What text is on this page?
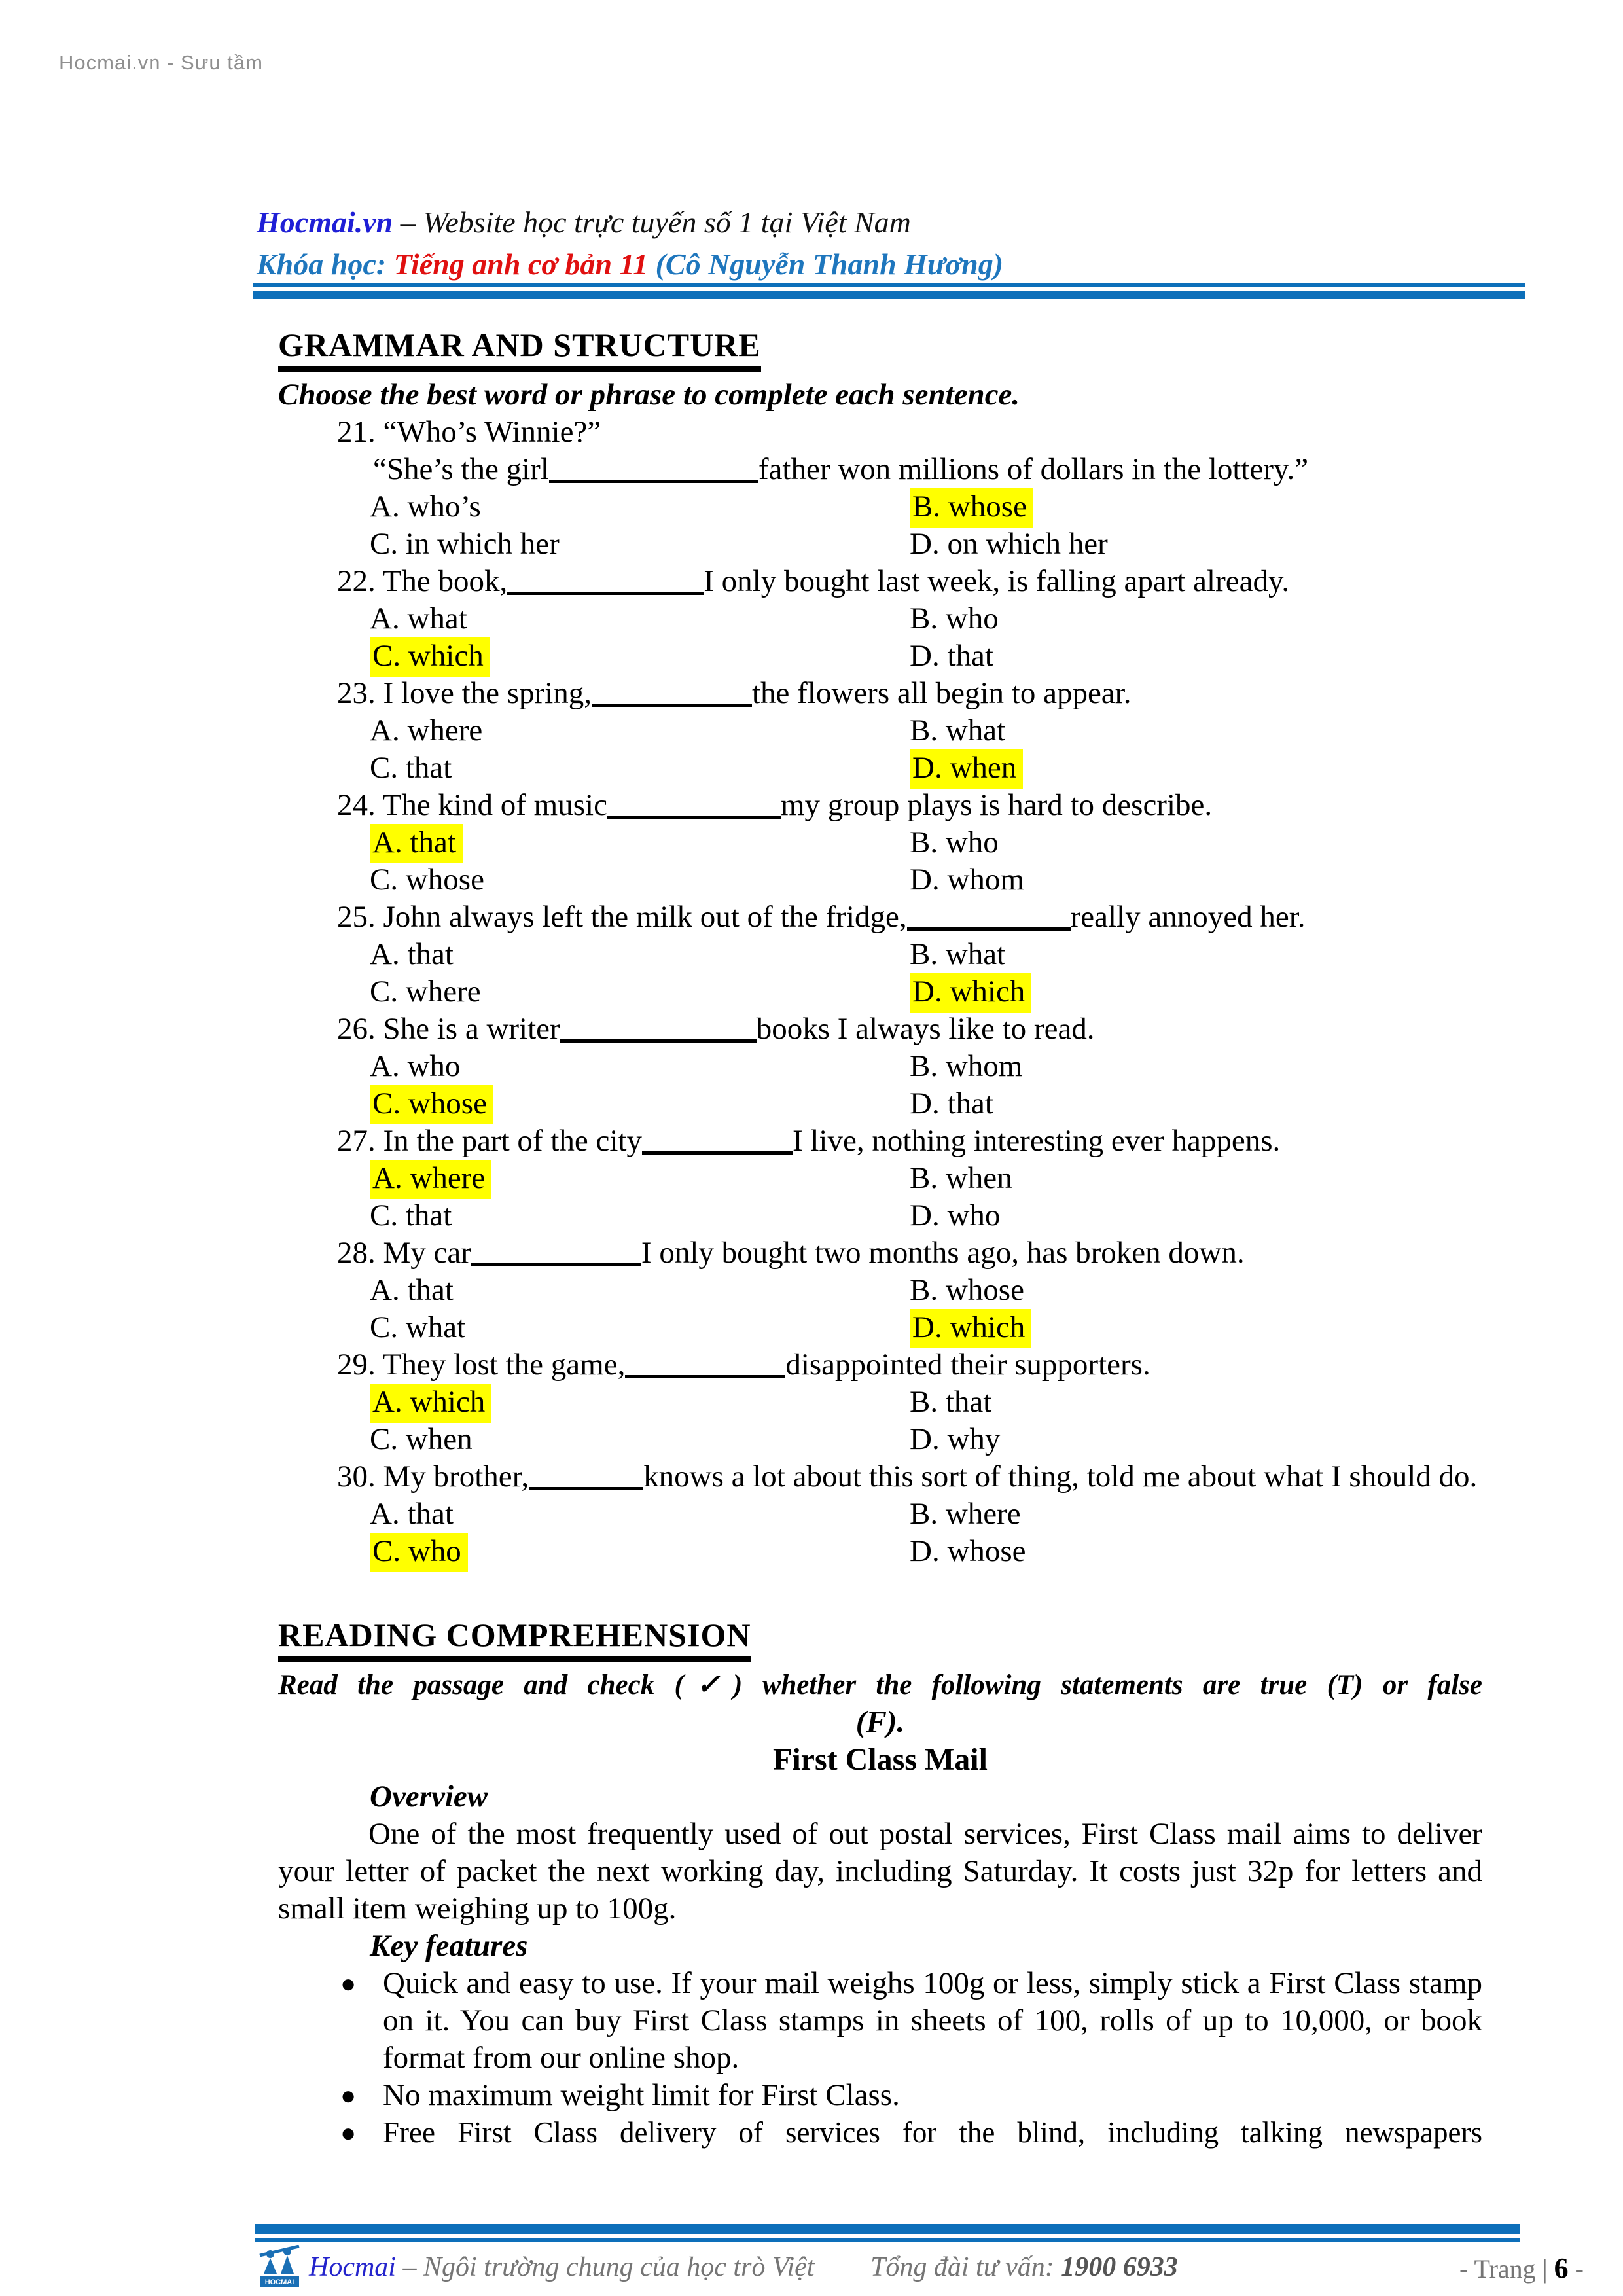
Hocmai.vn - Sưu tầm
Hocmai.vn – Website học trực tuyến số 1 tại Việt Nam
Khóa học: Tiếng anh cơ bản 11 (Cô Nguyễn Thanh Hương)
GRAMMAR AND STRUCTURE
Choose the best word or phrase to complete each sentence.
21. “Who’s Winnie?”
“She’s the girl	father won millions of dollars in the lottery.”
A. who’s	B. whose
C. in which her	D. on which her
22. The book,	I only bought last week, is falling apart already.
A. what	B. who
C. which	D. that
23. I love the spring,	the flowers all begin to appear.
A. where	B. what
C. that	D. when
24. The kind of music	my group plays is hard to describe.
A. that	B. who
C. whose	D. whom
25. John always left the milk out of the fridge,	really annoyed her.
A. that	B. what
C. where	D. which
26. She is a writer	books I always like to read.
A. who	B. whom
C. whose	D. that
27. In the part of the city	I live, nothing interesting ever happens.
A. where	B. when
C. that	D. who
28. My car	I only bought two months ago, has broken down.
A. that	B. whose
C. what	D. which
29. They lost the game,	disappointed their supporters.
A. which	B. that
C. when	D. why
30. My brother,	knows a lot about this sort of thing, told me about what I should do.
A. that	B. where
C. who	D. whose
READING COMPREHENSION
Read the passage and check (✓) whether the following statements are true (T) or false
(F).
First Class Mail
Overview
One of the most frequently used of out postal services, First Class mail aims to deliver your letter of packet the next working day, including Saturday. It costs just 32p for letters and small item weighing up to 100g.
Key features
● Quick and easy to use. If your mail weighs 100g or less, simply stick a First Class stamp on it. You can buy First Class stamps in sheets of 100, rolls of up to 10,000, or book format from our online shop.
● No maximum weight limit for First Class.
● Free First Class delivery of services for the blind, including talking newspapers
HOCMAI Hocmai – Ngôi trường chung của học trò Việt Tổng đài tư vấn: 1900 6933	- Trang | 6 -
